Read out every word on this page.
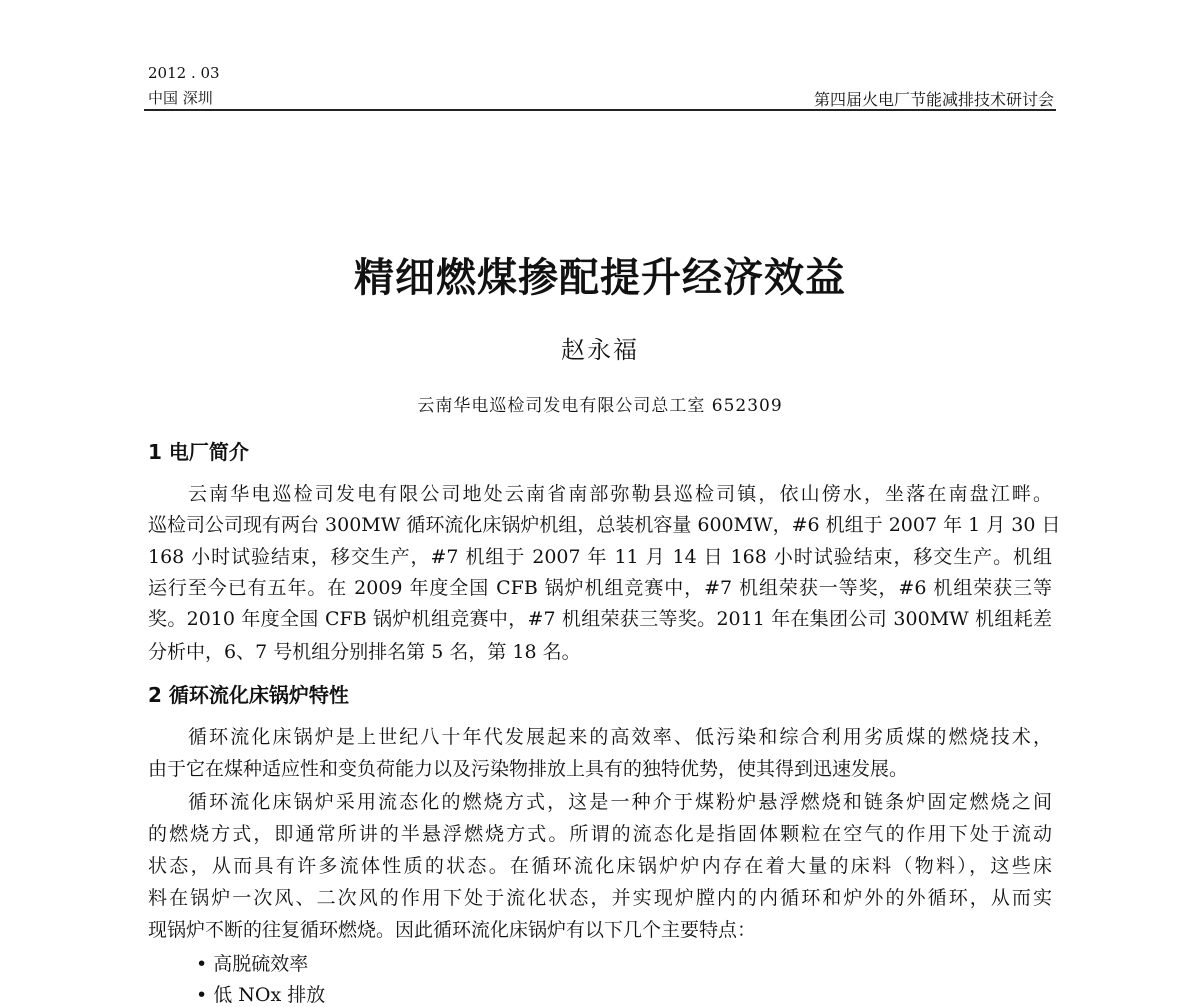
2012 . 03
中国 深圳	第四届火电厂节能减排技术研讨会
精细燃煤掺配提升经济效益
赵永福
云南华电巡检司发电有限公司总工室 652309
1 电厂简介
云南华电巡检司发电有限公司地处云南省南部弥勒县巡检司镇，依山傍水，坐落在南盘江畔。
巡检司公司现有两台 300MW 循环流化床锅炉机组，总装机容量 600MW，#6 机组于 2007 年 1 月 30 日
168 小时试验结束，移交生产，#7 机组于 2007 年 11 月 14 日 168 小时试验结束，移交生产。机组
运行至今已有五年。在 2009 年度全国 CFB 锅炉机组竞赛中，#7 机组荣获一等奖，#6 机组荣获三等
奖。2010 年度全国 CFB 锅炉机组竞赛中，#7 机组荣获三等奖。2011 年在集团公司 300MW 机组耗差
分析中，6、7 号机组分别排名第 5 名，第 18 名。
2 循环流化床锅炉特性
循环流化床锅炉是上世纪八十年代发展起来的高效率、低污染和综合利用劣质煤的燃烧技术，
由于它在煤种适应性和变负荷能力以及污染物排放上具有的独特优势，使其得到迅速发展。
循环流化床锅炉采用流态化的燃烧方式，这是一种介于煤粉炉悬浮燃烧和链条炉固定燃烧之间
的燃烧方式，即通常所讲的半悬浮燃烧方式。所谓的流态化是指固体颗粒在空气的作用下处于流动
状态，从而具有许多流体性质的状态。在循环流化床锅炉炉内存在着大量的床料（物料），这些床
料在锅炉一次风、二次风的作用下处于流化状态，并实现炉膛内的内循环和炉外的外循环，从而实
现锅炉不断的往复循环燃烧。因此循环流化床锅炉有以下几个主要特点：
• 高脱硫效率
• 低 NOx 排放
